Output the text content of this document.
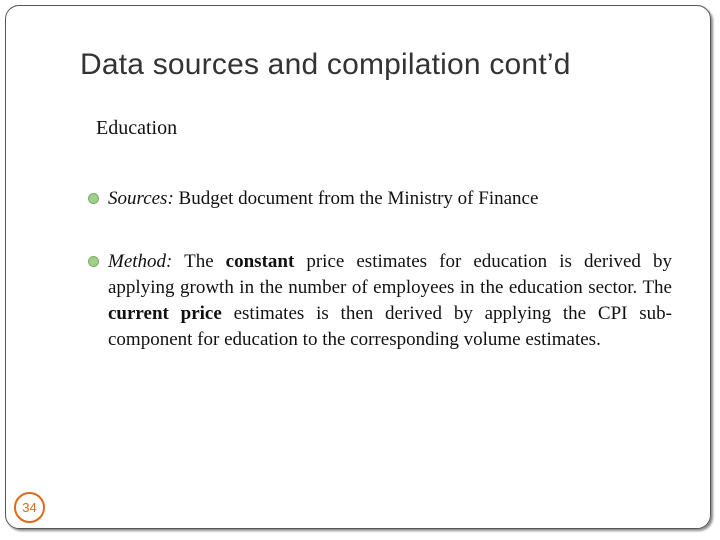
Data sources and compilation cont’d
Education
Sources: Budget document from the Ministry of Finance
Method: The constant price estimates for education is derived by applying growth in the number of employees in the education sector. The current price estimates is then derived by applying the CPI sub-component for education to the corresponding volume estimates.
34
